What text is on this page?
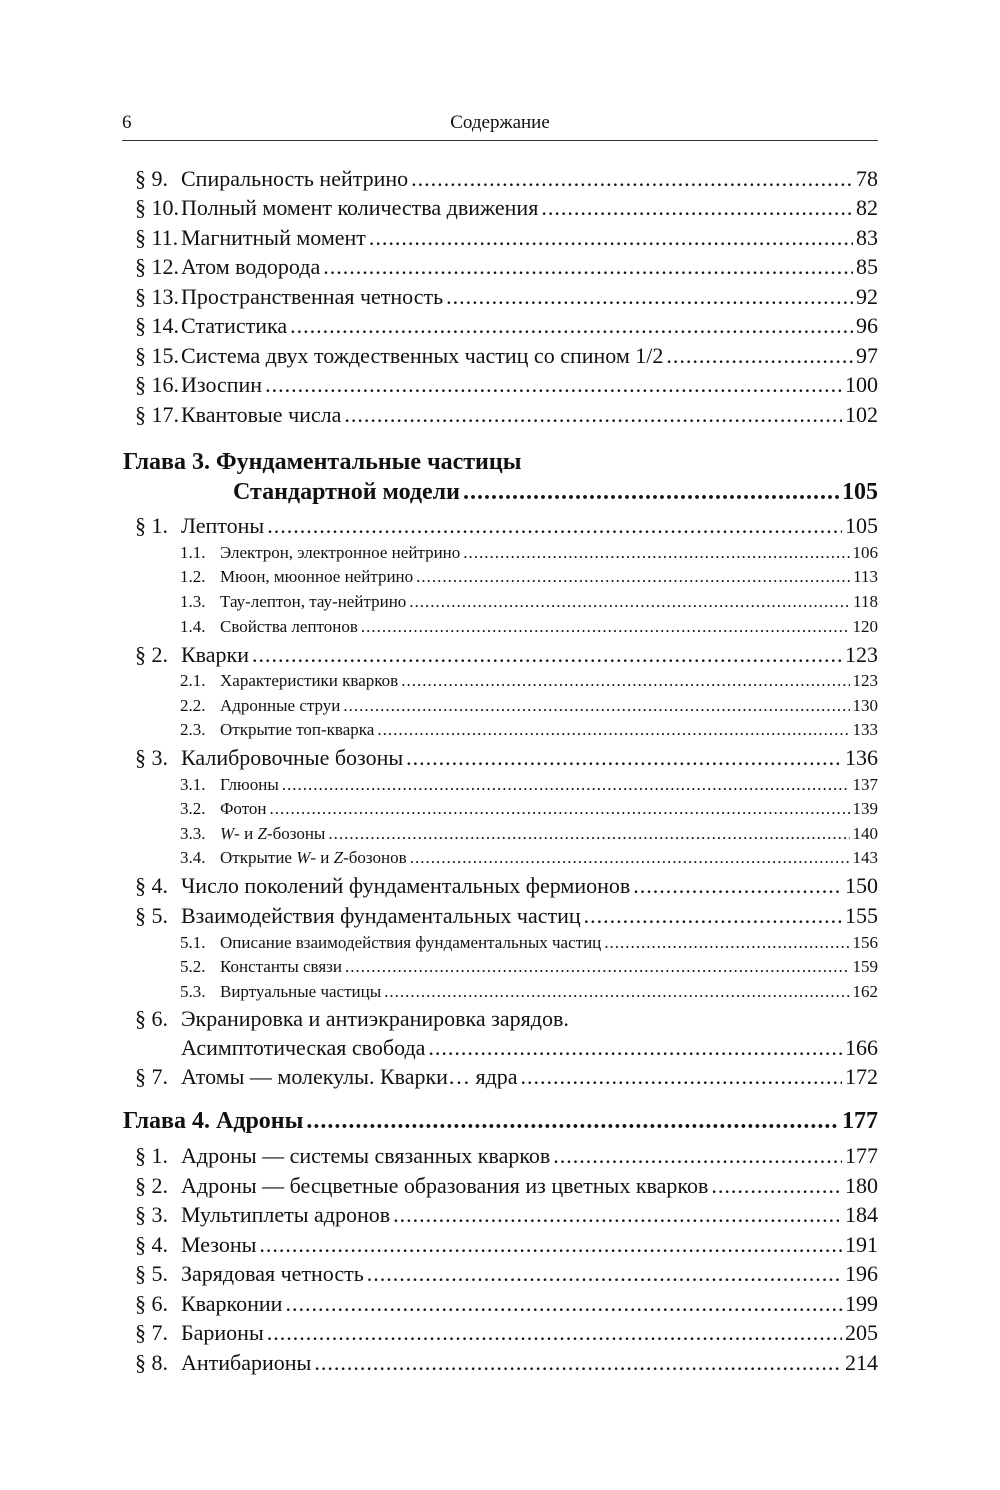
6	Содержание
§ 9. Спиральность нейтрино .....	78
§ 10. Полный момент количества движения .....	82
§ 11. Магнитный момент .....	83
§ 12. Атом водорода .....	85
§ 13. Пространственная четность .....	92
§ 14. Статистика .....	96
§ 15. Система двух тождественных частиц со спином 1/2 .....	97
§ 16. Изоспин .....	100
§ 17. Квантовые числа .....	102
Глава 3. Фундаментальные частицы
Стандартной модели .....	105
§ 1. Лептоны .....	105
1.1. Электрон, электронное нейтрино .....	106
1.2. Мюон, мюонное нейтрино .....	113
1.3. Тау-лептон, тау-нейтрино .....	118
1.4. Свойства лептонов .....	120
§ 2. Кварки .....	123
2.1. Характеристики кварков .....	123
2.2. Адронные струи .....	130
2.3. Открытие топ-кварка .....	133
§ 3. Калибровочные бозоны .....	136
3.1. Глюоны .....	137
3.2. Фотон .....	139
3.3. W- и Z-бозоны .....	140
3.4. Открытие W- и Z-бозонов .....	143
§ 4. Число поколений фундаментальных фермионов .....	150
§ 5. Взаимодействия фундаментальных частиц .....	155
5.1. Описание взаимодействия фундаментальных частиц .....	156
5.2. Константы связи .....	159
5.3. Виртуальные частицы .....	162
§ 6. Экранировка и антиэкранировка зарядов.
Асимптотическая свобода .....	166
§ 7. Атомы — молекулы. Кварки… ядра .....	172
Глава 4. Адроны .....	177
§ 1. Адроны — системы связанных кварков .....	177
§ 2. Адроны — бесцветные образования из цветных кварков .....	180
§ 3. Мультиплеты адронов .....	184
§ 4. Мезоны .....	191
§ 5. Зарядовая четность .....	196
§ 6. Кварконии .....	199
§ 7. Барионы .....	205
§ 8. Антибарионы .....	214
